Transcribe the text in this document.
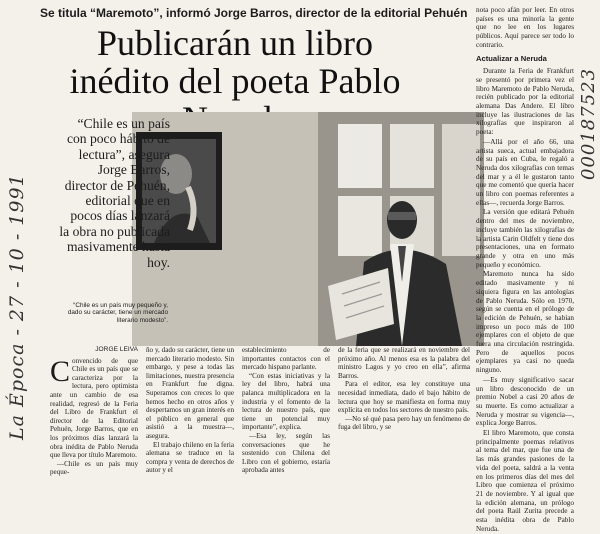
La Época - 27 - 10 - 1991
000187523
Se titula “Maremoto”, informó Jorge Barros, director de la editorial Pehuén
Publicarán un libro inédito del poeta Pablo
“Chile es un país con poco hábito de lectura”, asegura Jorge Barros, director de Pehuén, editorial que en pocos días lanzará la obra no publicada masivamente hasta hoy.
“Chile es un país muy pequeño y, dado su carácter, tiene un mercado literario modesto”.

nota poco afán por leer. En otros países es una minoría la gente que no lee en los lugares públicos. Aquí parece ser todo lo contrario.

Actualizar a Neruda

Durante la Feria de Frankfurt se presentó por primera vez el libro Maremoto de Pablo Neruda, recién publicado por la editorial alemana Das Andere. El libro incluye las ilustraciones de las xilografías que inspiraron al poeta:

—Allá por el año 66, una artista sueca, actual embajadora de su país en Cuba, le regaló a Neruda dos xilografías con temas del mar y a él le gustaron tanto que me comentó que quería hacer un libro con poemas referentes a ellas—, recuerda Jorge Barros.

La versión que editará Pehuén dentro del mes de noviembre, incluye también las xilografías de la artista Carin Oldfelt y tiene dos presentaciones, una en formato grande y otra en uno más pequeño y económico.

Maremoto nunca ha sido editado masivamente y ni siquiera figura en las antologías de Pablo Neruda. Sólo en 1970, según se cuenta en el prólogo de la edición de Pehuén, se habían impreso un poco más de 100 ejemplares con el objeto de que fuera una circulación restringida. Pero de aquellos pocos ejemplares ya casi no queda ninguno.

—Es muy significativo sacar un libro desconocido de un premio Nobel a casi 20 años de su muerte. Es como actualizar a Neruda y mostrar su vigencia—, explica Jorge Barros.

El libro Maremoto, que consta principalmente poemas relativos al tema del mar, que fue una de las más grandes pasiones de la vida del poeta, saldrá a la venta en los primeros días del mes del Libro que comienza el próximo 21 de noviembre. Y al igual que la edición alemana, un prólogo del poeta Raúl Zurita precede a esta inédita obra de Pablo Neruda.

JORGE LEIVA

Convencido de que Chile es un país que se caracteriza por la lectura, pero optimista ante un cambio de esa realidad, regresó de la Feria del Libro de Frankfurt el director de la Editorial Pehuén, Jorge Barros, que en los próximos días lanzará la obra inédita de Pablo Neruda que lleva por título Maremoto.

—Chile es un país muy peque-

ño y, dado su carácter, tiene un mercado literario modesto. Sin embargo, y pese a todas las limitaciones, nuestra presencia en Frankfurt fue digna. Superamos con creces lo que hemos hecho en otros años y despertamos un gran interés en el público en general que asistió a la muestra—, asegura.

El trabajo chileno en la feria alemana se traduce en la compra y venta de derechos de autor y el

establecimiento de importantes contactos con el mercado hispano parlante.

“Con estas iniciativas y la ley del libro, habrá una palanca multiplicadora en la industria y el fomento de la lectura de nuestro país, que tiene un potencial muy importante”, explica.

—Esa ley, según las conversaciones que he sostenido con Chilena del Libro con el gobierno, estaría aprobada antes

de la feria que se realizará en noviembre del próximo año. Al menos esa es la palabra del ministro Lagos y yo creo en ella”, afirma Barros.

Para el editor, esa ley constituye una necesidad inmediata, dado el bajo hábito de lectura que hoy se manifiesta en forma muy explícita en todos los sectores de nuestro país.

—No sé qué pasa pero hay un fenómeno de fuga del libro, y se
